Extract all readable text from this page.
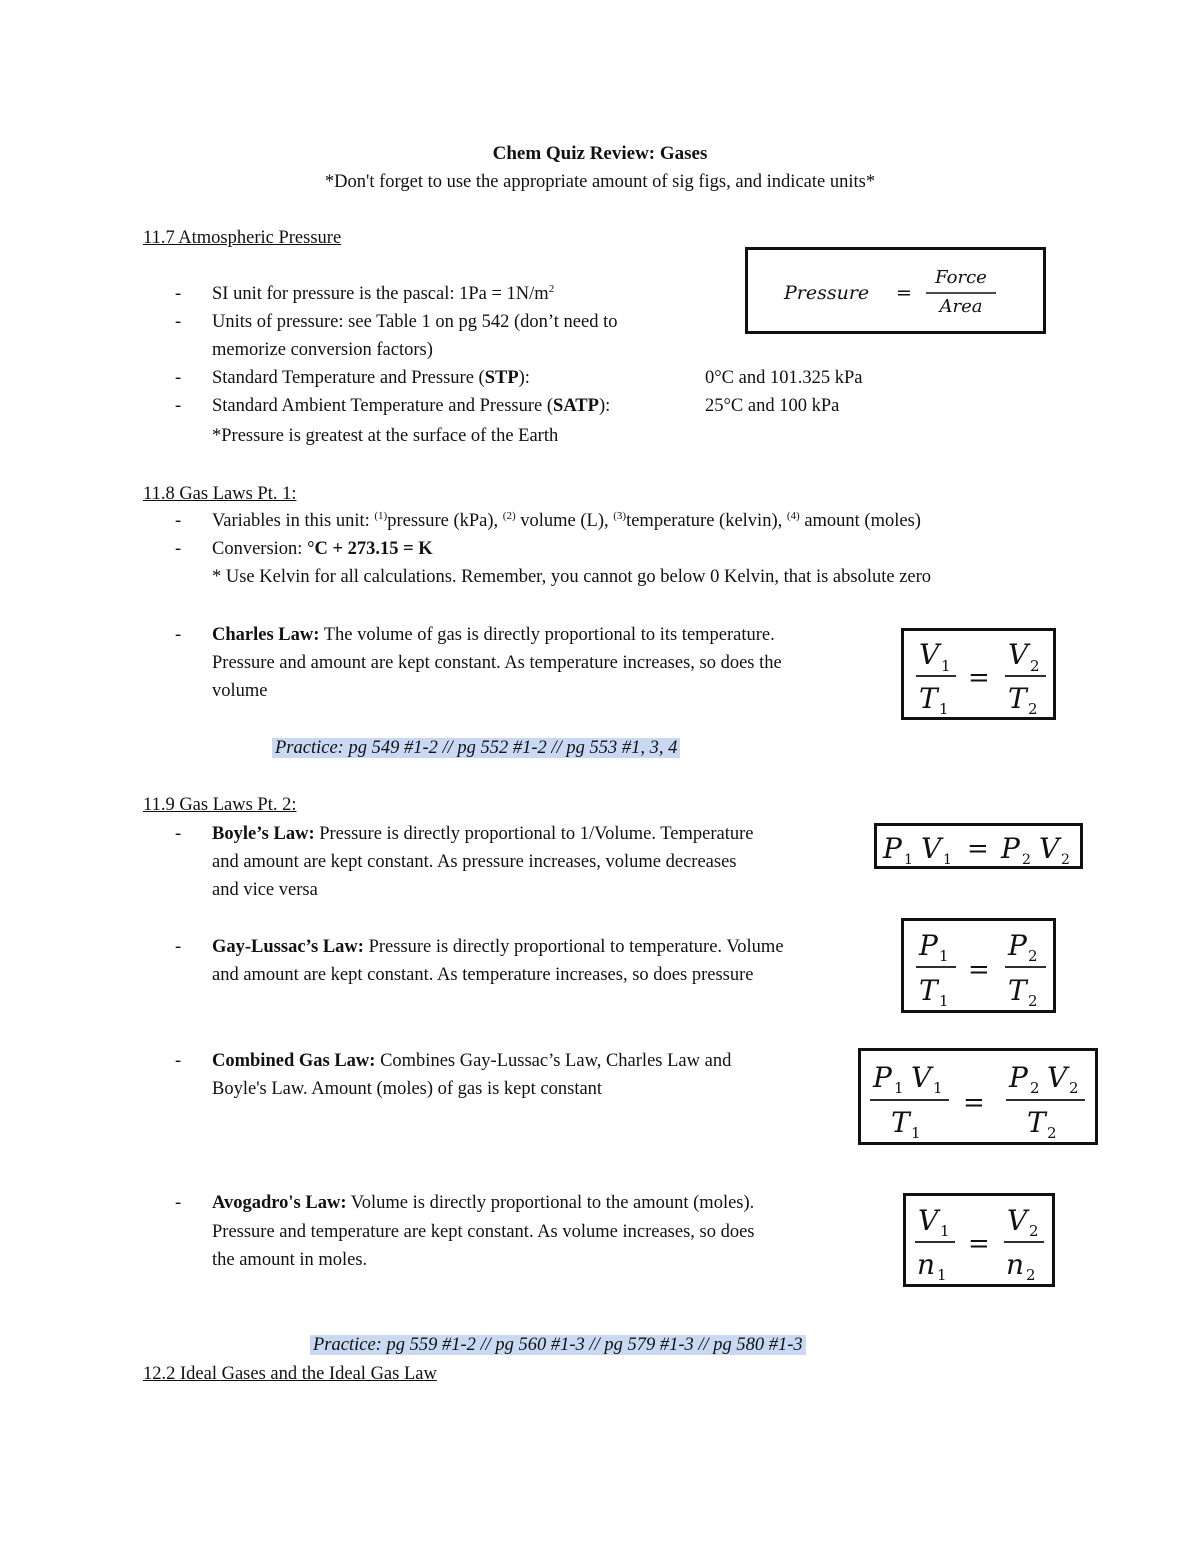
Chem Quiz Review: Gases
*Don't forget to use the appropriate amount of sig figs, and indicate units*
11.7 Atmospheric Pressure
- SI unit for pressure is the pascal: $1Pa = 1N/m^2$
- Units of pressure: see Table 1 on pg 542 (don’t need to
memorize conversion factors)
- Standard Temperature and Pressure (STP):	0°C and 101.325 kPa
- Standard Ambient Temperature and Pressure (SATP):	25°C and 100 kPa
*Pressure is greatest at the surface of the Earth
Pressure =
Force
Area
11.8 Gas Laws Pt. 1:
- Variables in this unit: $^{(1)}$pressure (kPa), $^{(2)}$ volume (L), $^{(3)}$temperature (kelvin), $^{(4)}$ amount (moles)
- Conversion: °C + 273.15 = K
* Use Kelvin for all calculations. Remember, you cannot go below 0 Kelvin, that is absolute zero
- Charles Law: The volume of gas is directly proportional to its temperature.
Pressure and amount are kept constant. As temperature increases, so does the
volume
V 1
T 1
=
V 2
T 2
Practice: pg 549 #1-2 // pg 552 #1-2 // pg 553 #1, 3, 4
11.9 Gas Laws Pt. 2:
- Boyle’s Law: Pressure is directly proportional to 1/Volume. Temperature
and amount are kept constant. As pressure increases, volume decreases
and vice versa
P 1 V 1 = P 2 V 2
- Gay-Lussac’s Law: Pressure is directly proportional to temperature. Volume
and amount are kept constant. As temperature increases, so does pressure
P 1
T 1
=
P 2
T 2
- Combined Gas Law: Combines Gay-Lussac’s Law, Charles Law and
Boyle's Law. Amount (moles) of gas is kept constant	P 1 V 1
T 1
=
P 2 V 2
T 2
- Avogadro's Law: Volume is directly proportional to the amount (moles).
Pressure and temperature are kept constant. As volume increases, so does
the amount in moles.
V 1
n 1
=
V 2
n 2
Practice: pg 559 #1-2 // pg 560 #1-3 // pg 579 #1-3 // pg 580 #1-3
12.2 Ideal Gases and the Ideal Gas Law
